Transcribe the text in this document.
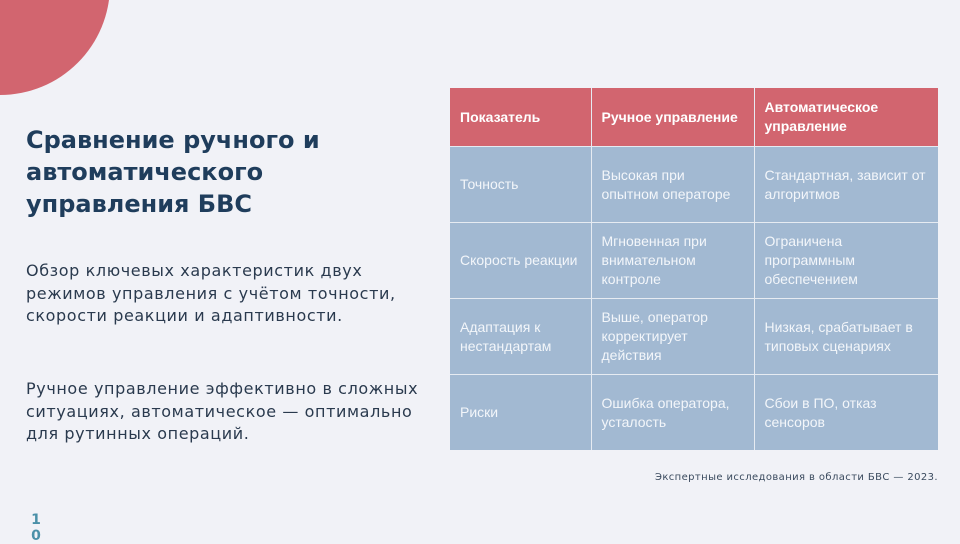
Сравнение ручного и автоматического управления БВС

Обзор ключевых характеристик двух режимов управления с учётом точности, скорости реакции и адаптивности.

Ручное управление эффективно в сложных ситуациях, автоматическое — оптимально для рутинных операций.

Показатель	Ручное управление	Автоматическое управление
Точность	Высокая при опытном операторе	Стандартная, зависит от алгоритмов
Скорость реакции	Мгновенная при внимательном контроле	Ограничена программным обеспечением
Адаптация к нестандартам	Выше, оператор корректирует действия	Низкая, срабатывает в типовых сценариях
Риски	Ошибка оператора, усталость	Сбои в ПО, отказ сенсоров

Экспертные исследования в области БВС — 2023.

10
